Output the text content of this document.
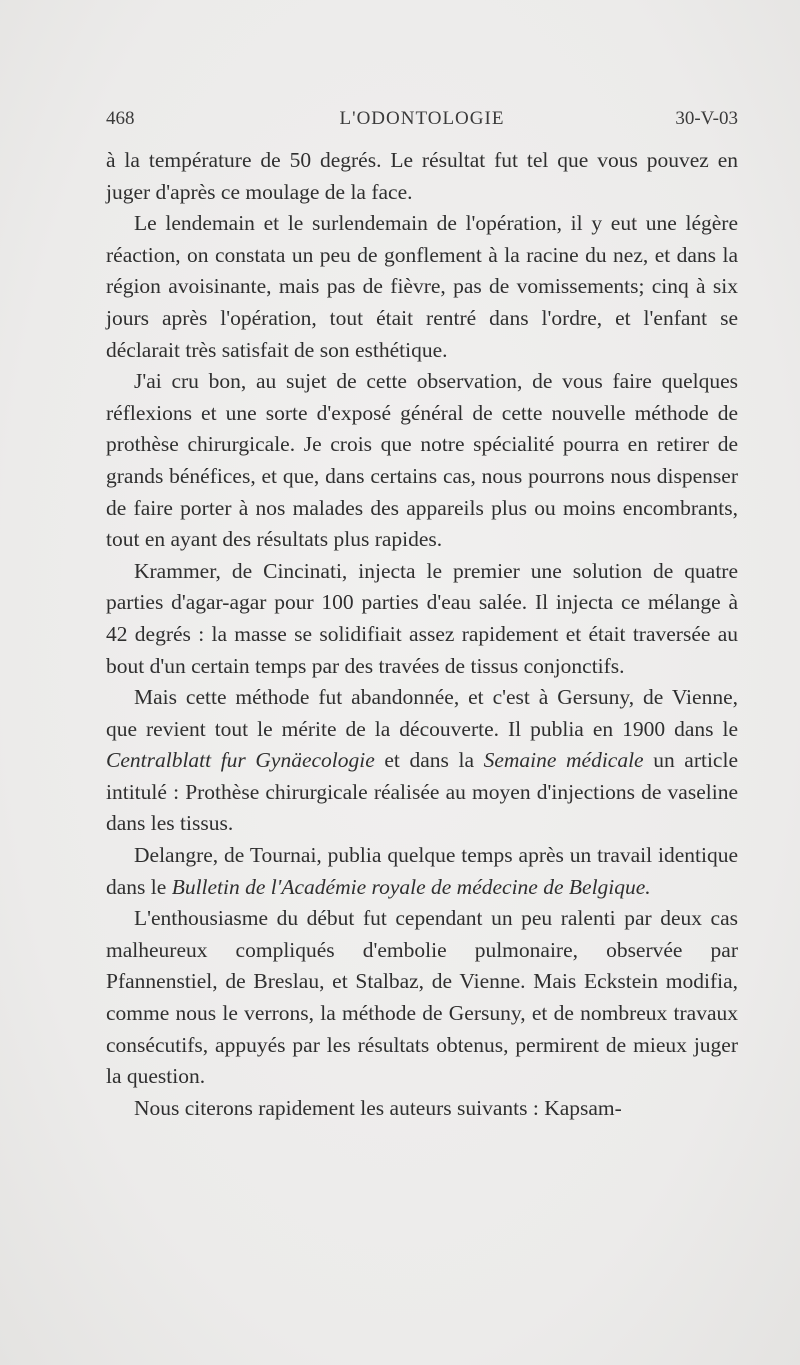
468	L'ODONTOLOGIE	30-V-03

à la température de 50 degrés. Le résultat fut tel que vous pouvez en juger d'après ce moulage de la face.

Le lendemain et le surlendemain de l'opération, il y eut une légère réaction, on constata un peu de gonflement à la racine du nez, et dans la région avoisinante, mais pas de fièvre, pas de vomissements; cinq à six jours après l'opération, tout était rentré dans l'ordre, et l'enfant se déclarait très satisfait de son esthétique.

J'ai cru bon, au sujet de cette observation, de vous faire quelques réflexions et une sorte d'exposé général de cette nouvelle méthode de prothèse chirurgicale. Je crois que notre spécialité pourra en retirer de grands bénéfices, et que, dans certains cas, nous pourrons nous dispenser de faire porter à nos malades des appareils plus ou moins encombrants, tout en ayant des résultats plus rapides.

Krammer, de Cincinati, injecta le premier une solution de quatre parties d'agar-agar pour 100 parties d'eau salée. Il injecta ce mélange à 42 degrés : la masse se solidifiait assez rapidement et était traversée au bout d'un certain temps par des travées de tissus conjonctifs.

Mais cette méthode fut abandonnée, et c'est à Gersuny, de Vienne, que revient tout le mérite de la découverte. Il publia en 1900 dans le Centralblatt fur Gynäecologie et dans la Semaine médicale un article intitulé : Prothèse chirurgicale réalisée au moyen d'injections de vaseline dans les tissus.

Delangre, de Tournai, publia quelque temps après un travail identique dans le Bulletin de l'Académie royale de médecine de Belgique.

L'enthousiasme du début fut cependant un peu ralenti par deux cas malheureux compliqués d'embolie pulmonaire, observée par Pfannenstiel, de Breslau, et Stalbaz, de Vienne. Mais Eckstein modifia, comme nous le verrons, la méthode de Gersuny, et de nombreux travaux consécutifs, appuyés par les résultats obtenus, permirent de mieux juger la question.

Nous citerons rapidement les auteurs suivants : Kapsam-
